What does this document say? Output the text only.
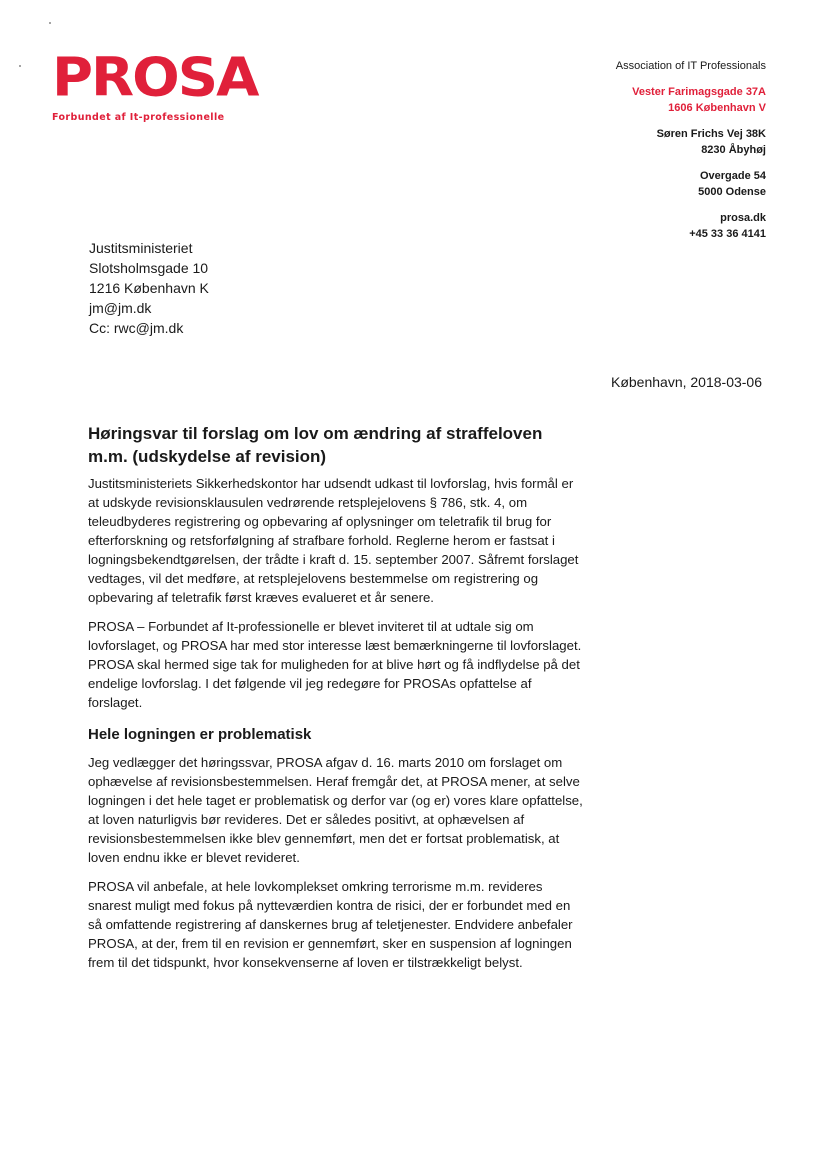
PROSA
Forbundet af It-professionelle
Association of IT Professionals
Vester Farimagsgade 37A
1606 København V
Søren Frichs Vej 38K
8230 Åbyhøj
Overgade 54
5000 Odense
prosa.dk
+45 33 36 4141
Justitsministeriet
Slotsholmsgade 10
1216 København K
jm@jm.dk
Cc: rwc@jm.dk
København, 2018-03-06

Høringsvar til forslag om lov om ændring af straffeloven m.m. (udskydelse af revision)

Justitsministeriets Sikkerhedskontor har udsendt udkast til lovforslag, hvis formål er at udskyde revisionsklausulen vedrørende retsplejelovens § 786, stk. 4, om teleudbyderes registrering og opbevaring af oplysninger om teletrafik til brug for efterforskning og retsforfølgning af strafbare forhold. Reglerne herom er fastsat i logningsbekendtgørelsen, der trådte i kraft d. 15. september 2007. Såfremt forslaget vedtages, vil det medføre, at retsplejelovens bestemmelse om registrering og opbevaring af teletrafik først kræves evalueret et år senere.

PROSA – Forbundet af It-professionelle er blevet inviteret til at udtale sig om lovforslaget, og PROSA har med stor interesse læst bemærkningerne til lovforslaget. PROSA skal hermed sige tak for muligheden for at blive hørt og få indflydelse på det endelige lovforslag. I det følgende vil jeg redegøre for PROSAs opfattelse af forslaget.

Hele logningen er problematisk

Jeg vedlægger det høringssvar, PROSA afgav d. 16. marts 2010 om forslaget om ophævelse af revisionsbestemmelsen. Heraf fremgår det, at PROSA mener, at selve logningen i det hele taget er problematisk og derfor var (og er) vores klare opfattelse, at loven naturligvis bør revideres. Det er således positivt, at ophævelsen af revisionsbestemmelsen ikke blev gennemført, men det er fortsat problematisk, at loven endnu ikke er blevet revideret.

PROSA vil anbefale, at hele lovkomplekset omkring terrorisme m.m. revideres snarest muligt med fokus på nytteværdien kontra de risici, der er forbundet med en så omfattende registrering af danskernes brug af teletjenester. Endvidere anbefaler PROSA, at der, frem til en revision er gennemført, sker en suspension af logningen frem til det tidspunkt, hvor konsekvenserne af loven er tilstrækkeligt belyst.
